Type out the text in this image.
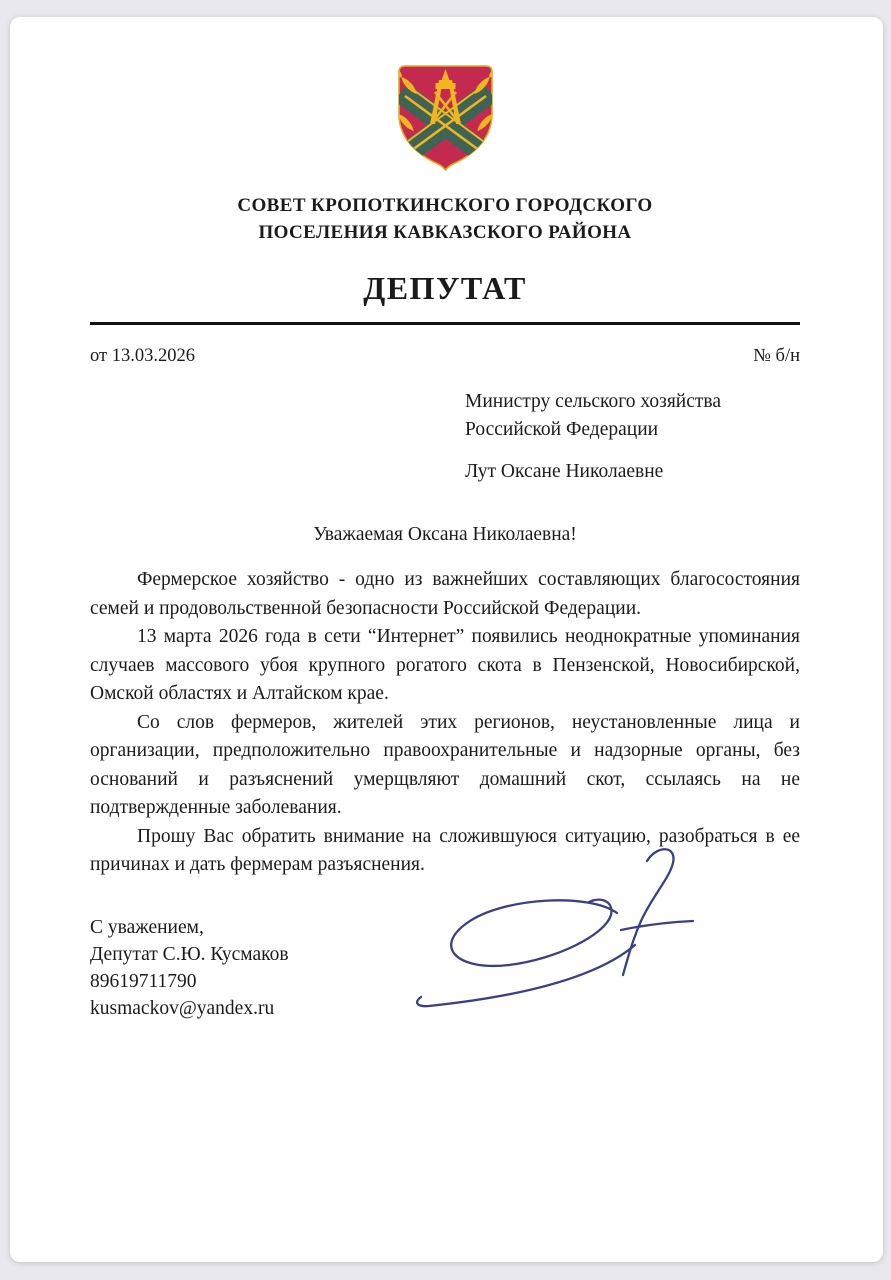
СОВЕТ КРОПОТКИНСКОГО ГОРОДСКОГО
ПОСЕЛЕНИЯ КАВКАЗСКОГО РАЙОНА
ДЕПУТАТ
от 13.03.2026	№ б/н
Министру сельского хозяйства
Российской Федерации
Лут Оксане Николаевне
Уважаемая Оксана Николаевна!

Фермерское хозяйство - одно из важнейших составляющих благосостояния семей и продовольственной безопасности Российской Федерации.

13 марта 2026 года в сети “Интернет” появились неоднократные упоминания случаев массового убоя крупного рогатого скота в Пензенской, Новосибирской, Омской областях и Алтайском крае.

Со слов фермеров, жителей этих регионов, неустановленные лица и организации, предположительно правоохранительные и надзорные органы, без оснований и разъяснений умерщвляют домашний скот, ссылаясь на не подтвержденные заболевания.

Прошу Вас обратить внимание на сложившуюся ситуацию, разобраться в ее причинах и дать фермерам разъяснения.

С уважением,
Депутат С.Ю. Кусмаков
89619711790
kusmackov@yandex.ru
